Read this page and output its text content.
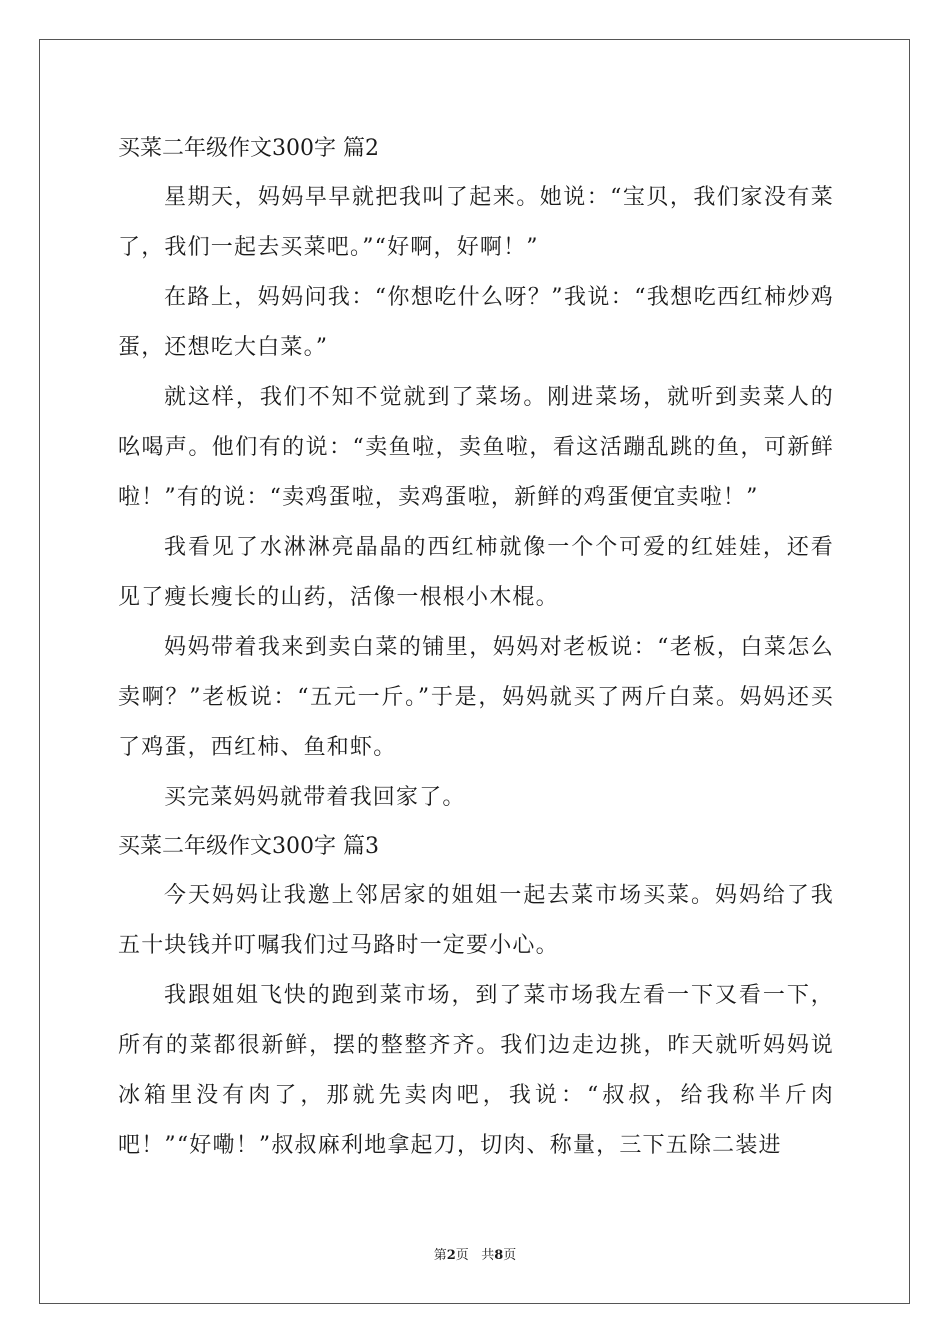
买菜二年级作文300字 篇2

星期天，妈妈早早就把我叫了起来。她说：“宝贝，我们家没有菜了，我们一起去买菜吧。”“好啊，好啊！”

在路上，妈妈问我：“你想吃什么呀？”我说：“我想吃西红柿炒鸡蛋，还想吃大白菜。”

就这样，我们不知不觉就到了菜场。刚进菜场，就听到卖菜人的吆喝声。他们有的说：“卖鱼啦，卖鱼啦，看这活蹦乱跳的鱼，可新鲜啦！”有的说：“卖鸡蛋啦，卖鸡蛋啦，新鲜的鸡蛋便宜卖啦！”

我看见了水淋淋亮晶晶的西红柿就像一个个可爱的红娃娃，还看见了瘦长瘦长的山药，活像一根根小木棍。

妈妈带着我来到卖白菜的铺里，妈妈对老板说：“老板，白菜怎么卖啊？”老板说：“五元一斤。”于是，妈妈就买了两斤白菜。妈妈还买了鸡蛋，西红柿、鱼和虾。

买完菜妈妈就带着我回家了。

买菜二年级作文300字 篇3

今天妈妈让我邀上邻居家的姐姐一起去菜市场买菜。妈妈给了我五十块钱并叮嘱我们过马路时一定要小心。

我跟姐姐飞快的跑到菜市场，到了菜市场我左看一下又看一下，所有的菜都很新鲜，摆的整整齐齐。我们边走边挑，昨天就听妈妈说冰箱里没有肉了，那就先卖肉吧，我说：“叔叔，给我称半斤肉吧！”“好嘞！”叔叔麻利地拿起刀，切肉、称量，三下五除二装进

第2页 共8页
